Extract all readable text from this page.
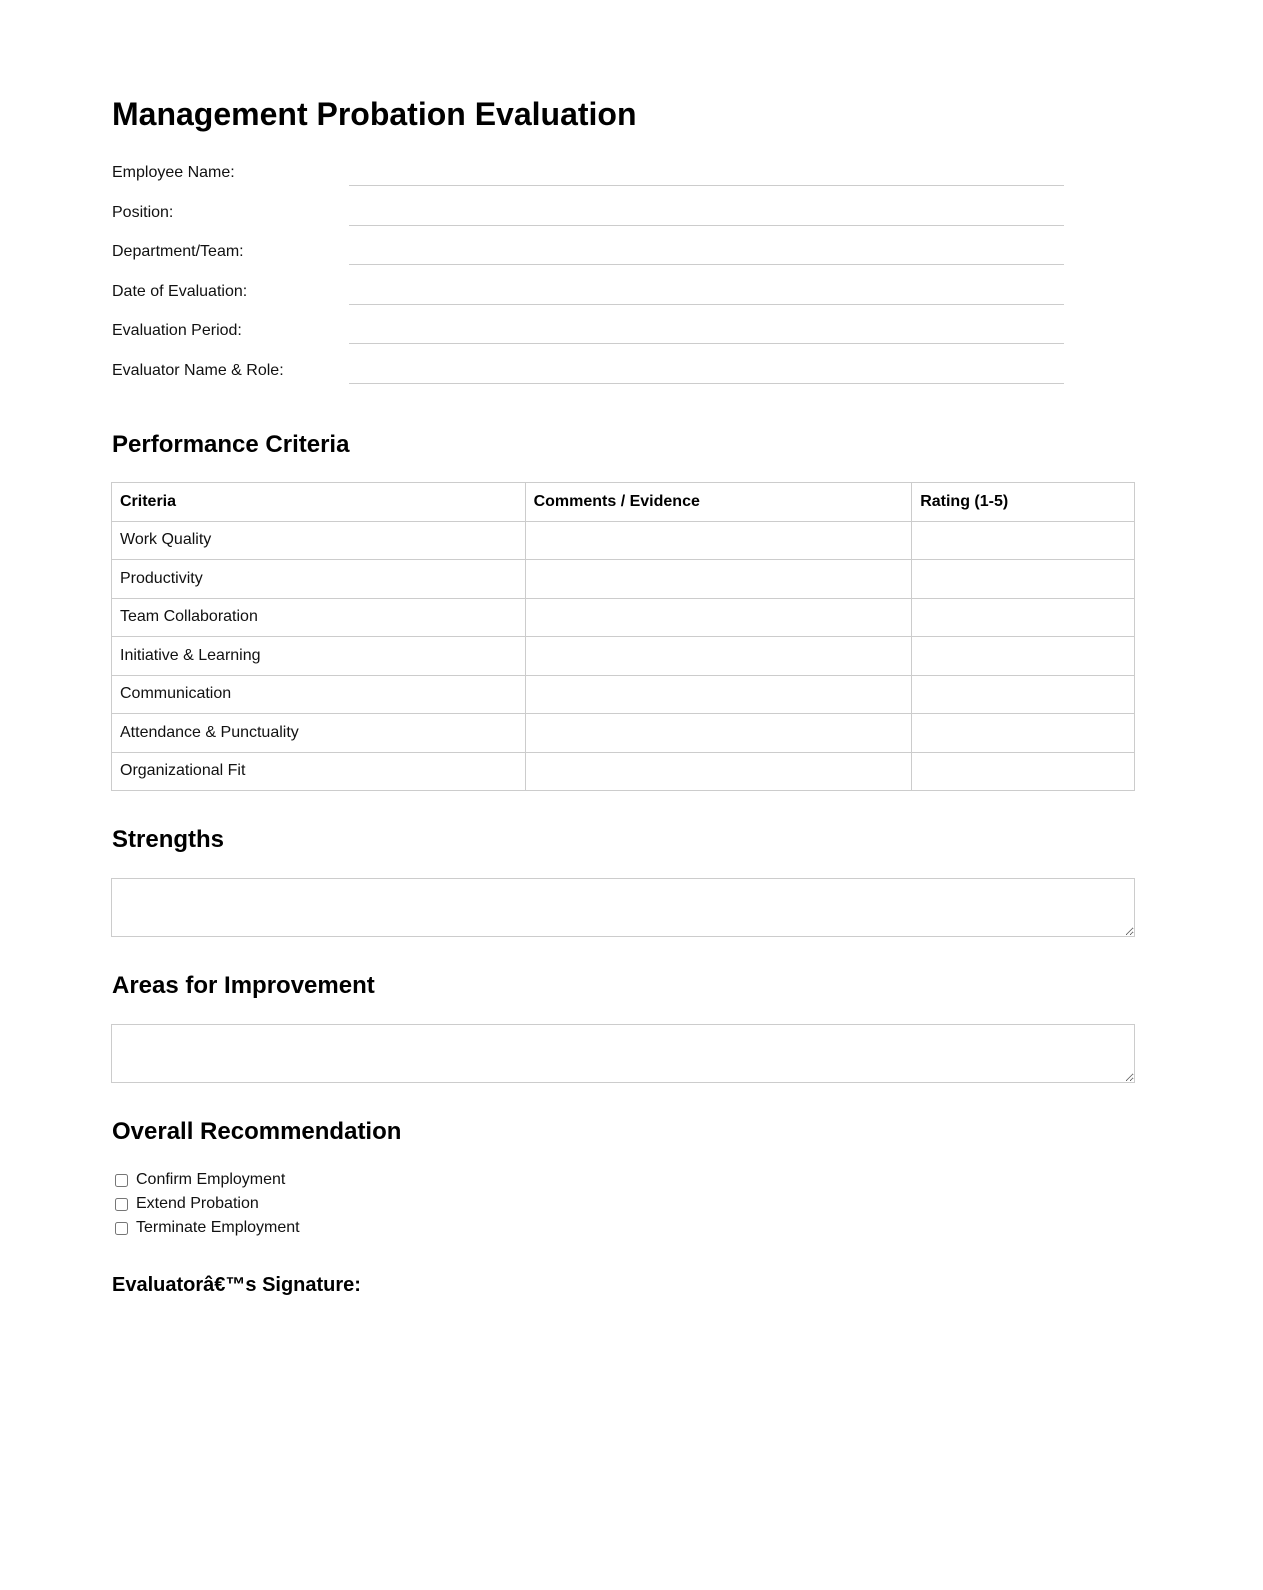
Management Probation Evaluation
Employee Name:
Position:
Department/Team:
Date of Evaluation:
Evaluation Period:
Evaluator Name & Role:
Performance Criteria
Criteria	Comments / Evidence	Rating (1-5)
Work Quality		
Productivity		
Team Collaboration		
Initiative & Learning		
Communication		
Attendance & Punctuality		
Organizational Fit		
Strengths
Areas for Improvement
Overall Recommendation
Confirm Employment
Extend Probation
Terminate Employment
Evaluatorâ€™s Signature:
